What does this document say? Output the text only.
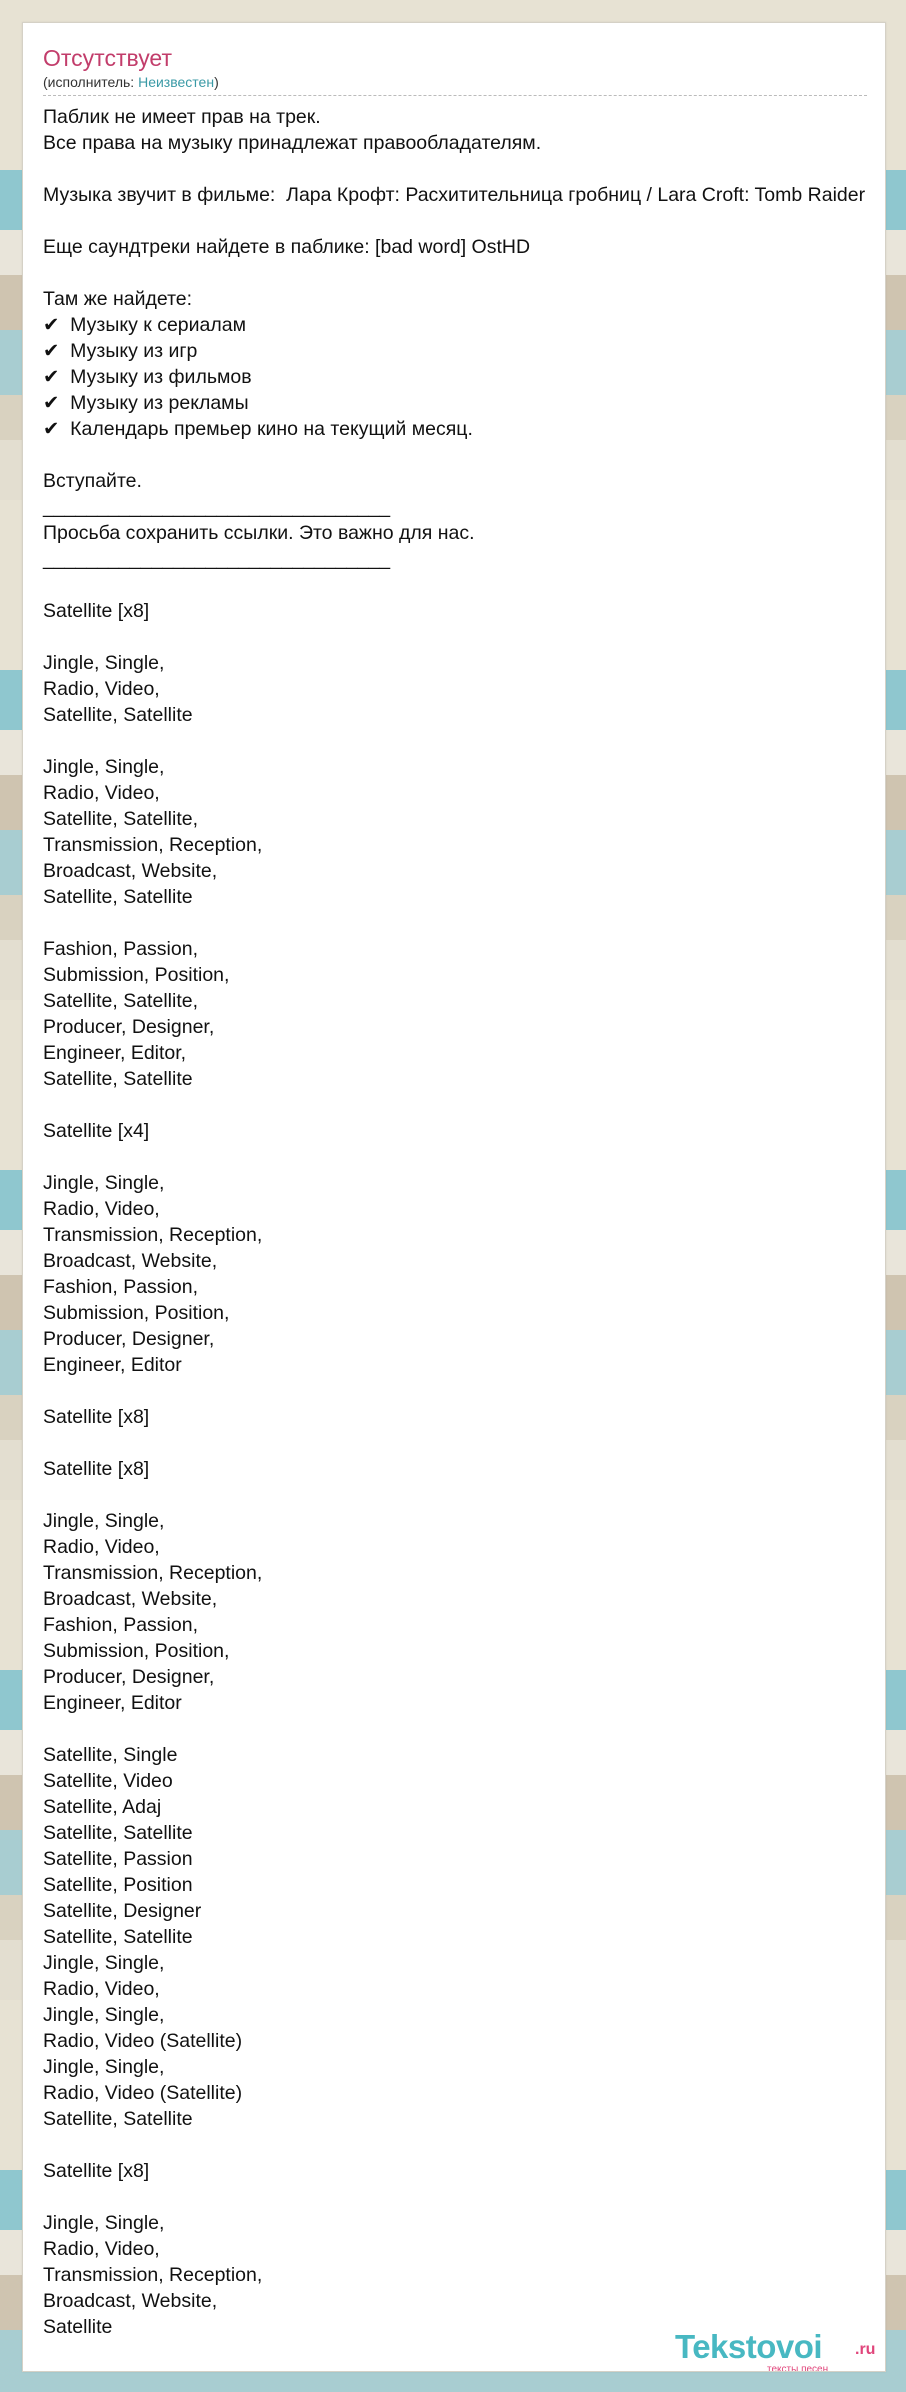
Отсутствует
(исполнитель: Неизвестен)
Паблик не имеет прав на трек.
Все права на музыку принадлежат правообладателям.

Музыка звучит в фильме:  Лара Крофт: Расхитительница гробниц / Lara Croft: Tomb Raider

Еще саундтреки найдете в паблике: [bad word] OstHD

Там же найдете:
✔  Музыку к сериалам
✔  Музыку из игр
✔  Музыку из фильмов
✔  Музыку из рекламы
✔  Календарь премьер кино на текущий месяц.

Вступайте.
________________________________
Просьба сохранить ссылки. Это важно для нас.
________________________________

Satellite [x8]

Jingle, Single,
Radio, Video,
Satellite, Satellite

Jingle, Single,
Radio, Video,
Satellite, Satellite,
Transmission, Reception,
Broadcast, Website,
Satellite, Satellite

Fashion, Passion,
Submission, Position,
Satellite, Satellite,
Producer, Designer,
Engineer, Editor,
Satellite, Satellite

Satellite [x4]

Jingle, Single,
Radio, Video,
Transmission, Reception,
Broadcast, Website,
Fashion, Passion,
Submission, Position,
Producer, Designer,
Engineer, Editor

Satellite [x8]

Satellite [x8]

Jingle, Single,
Radio, Video,
Transmission, Reception,
Broadcast, Website,
Fashion, Passion,
Submission, Position,
Producer, Designer,
Engineer, Editor

Satellite, Single
Satellite, Video
Satellite, Adaj
Satellite, Satellite
Satellite, Passion
Satellite, Position
Satellite, Designer
Satellite, Satellite
Jingle, Single,
Radio, Video,
Jingle, Single,
Radio, Video (Satellite)
Jingle, Single,
Radio, Video (Satellite)
Satellite, Satellite

Satellite [x8]

Jingle, Single,
Radio, Video,
Transmission, Reception,
Broadcast, Website,
Satellite
Tekstovoi .ru
тексты песен
